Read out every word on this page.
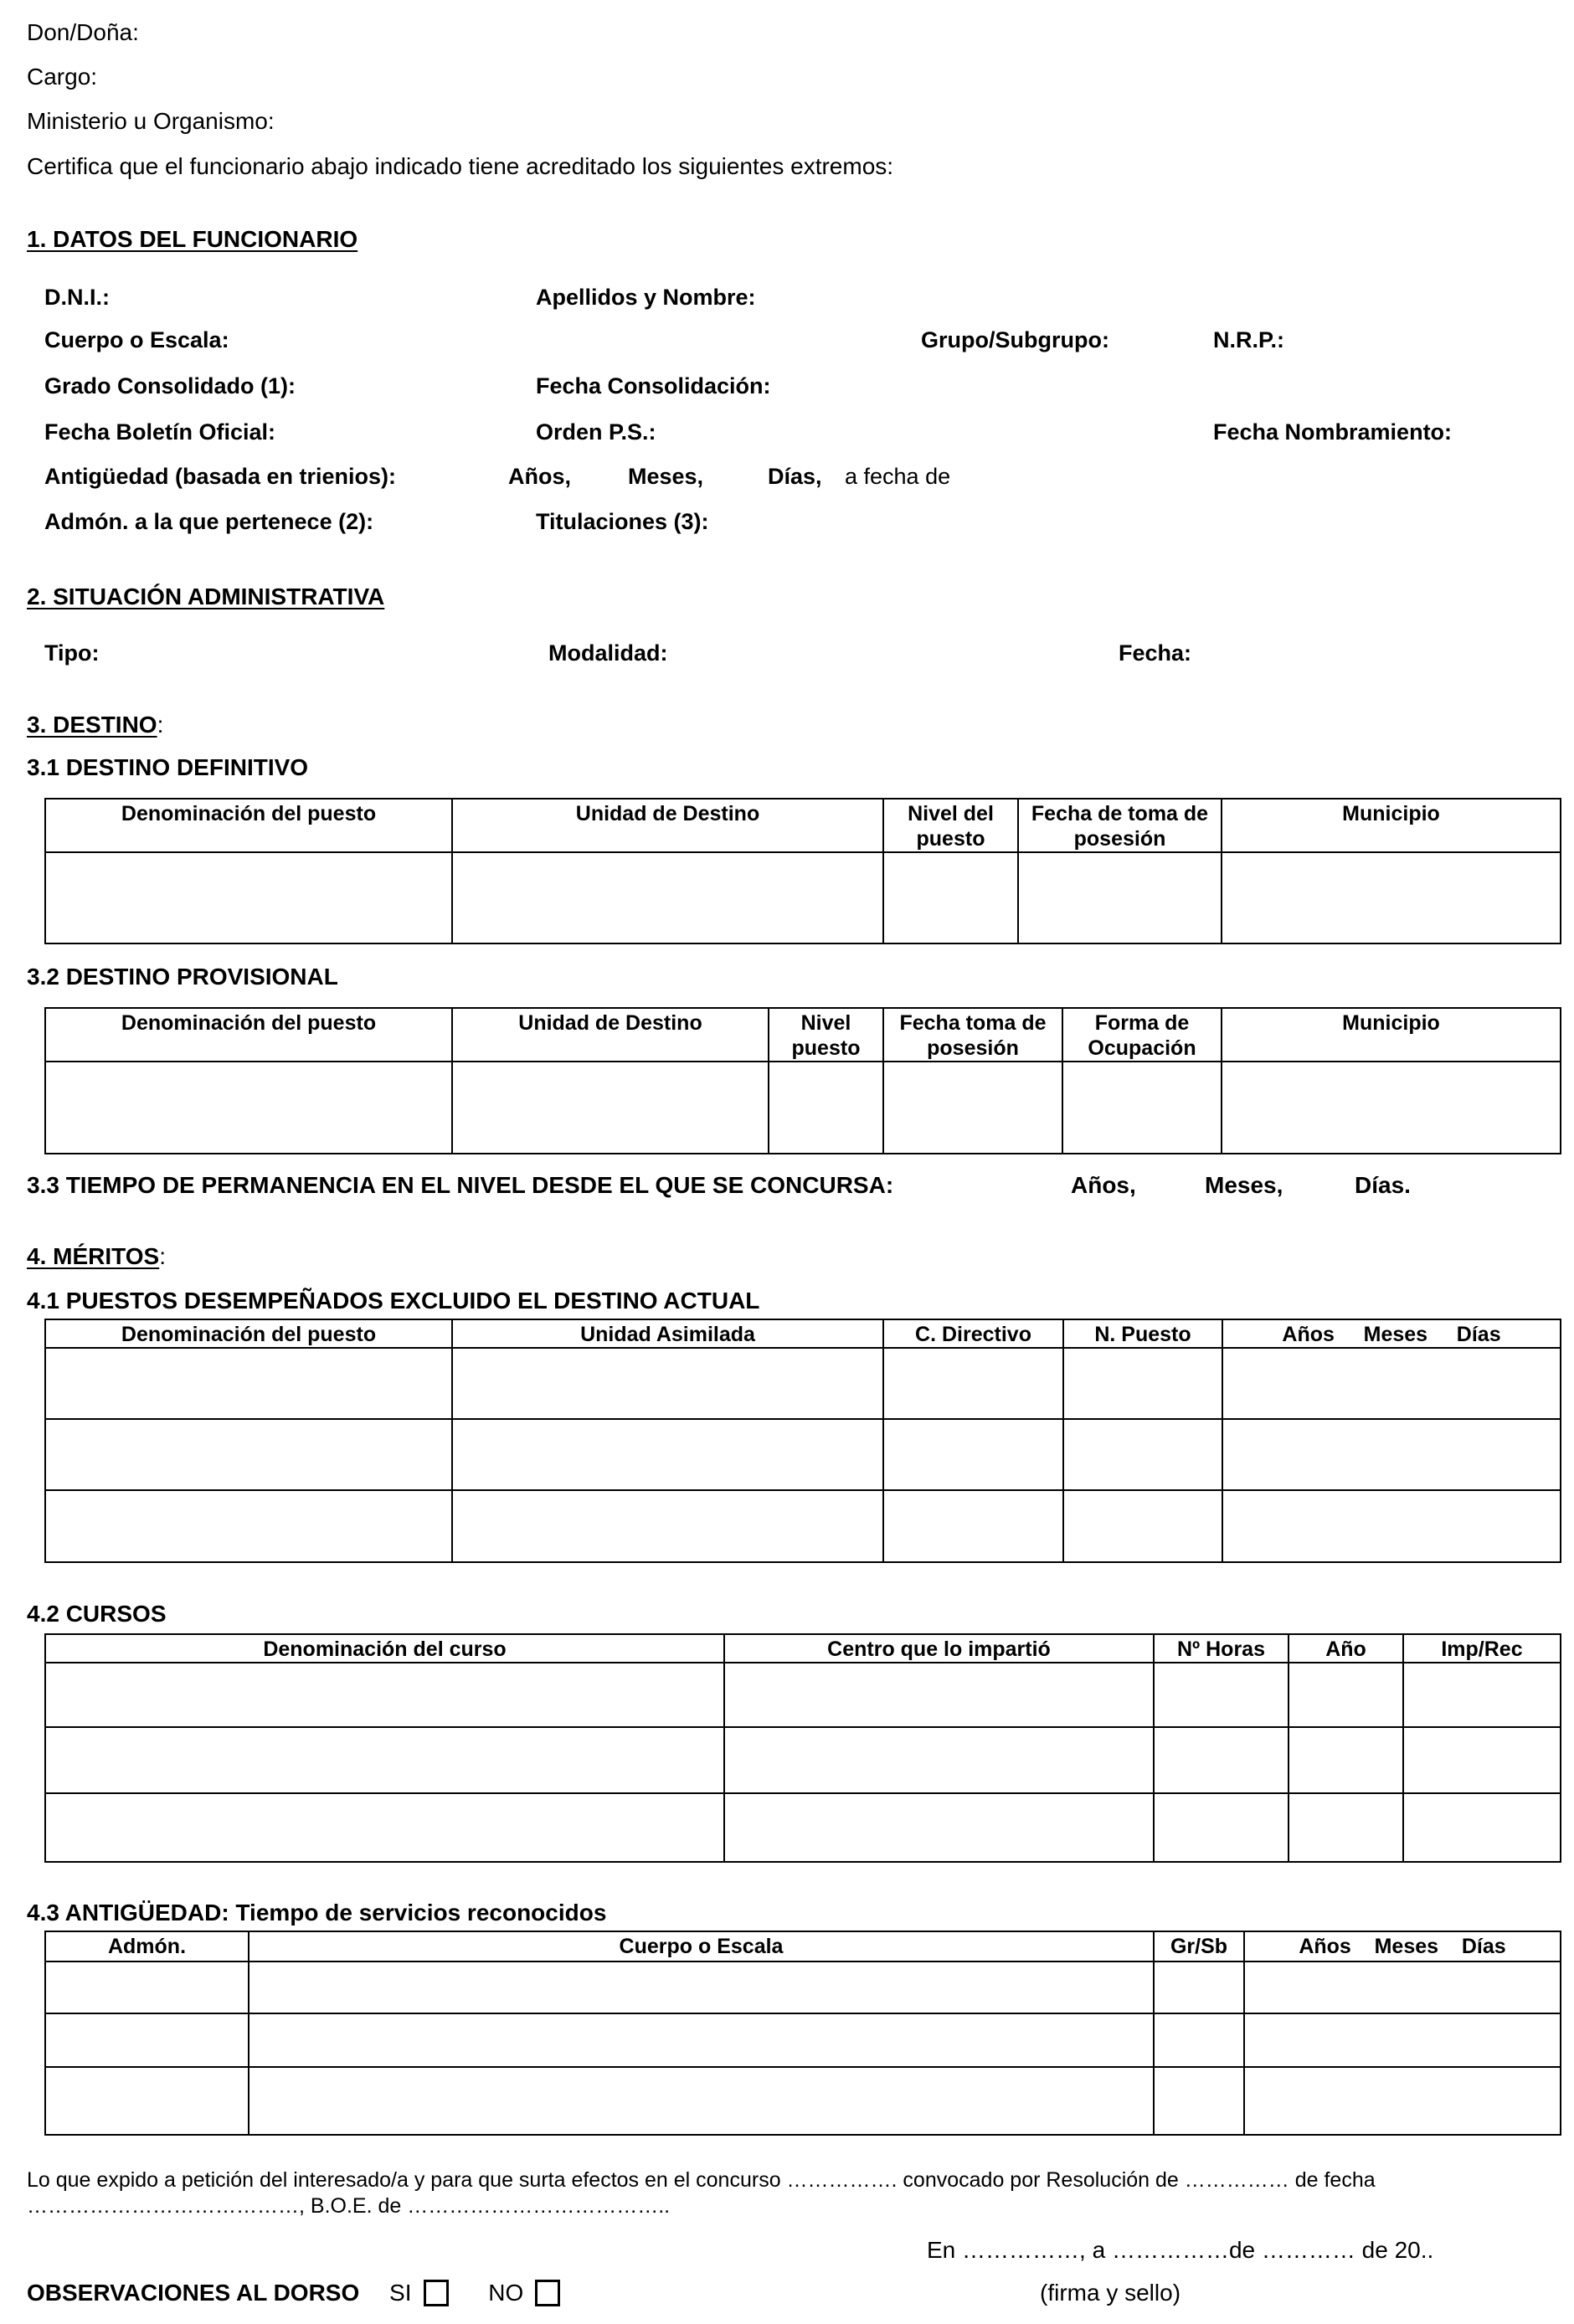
Don/Doña:
Cargo:
Ministerio u Organismo:
Certifica que el funcionario abajo indicado tiene acreditado los siguientes extremos:
1. DATOS DEL FUNCIONARIO
D.N.I.:	Apellidos y Nombre:
Cuerpo o Escala:	Grupo/Subgrupo:	N.R.P.:
Grado Consolidado (1):	Fecha Consolidación:
Fecha Boletín Oficial:	Orden P.S.:	Fecha Nombramiento:
Antigüedad (basada en trienios):	Años,	Meses,	Días, a fecha de
Admón. a la que pertenece (2):	Titulaciones (3):
2. SITUACIÓN ADMINISTRATIVA
Tipo:	Modalidad:	Fecha:
3. DESTINO:
3.1 DESTINO DEFINITIVO
Denominación del puesto	Unidad de Destino	Nivel del puesto	Fecha de toma de posesión	Municipio

3.2 DESTINO PROVISIONAL
Denominación del puesto	Unidad de Destino	Nivel puesto	Fecha toma de posesión	Forma de Ocupación	Municipio

3.3 TIEMPO DE PERMANENCIA EN EL NIVEL DESDE EL QUE SE CONCURSA:	Años,	Meses,	Días.
4. MÉRITOS:
4.1 PUESTOS DESEMPEÑADOS EXCLUIDO EL DESTINO ACTUAL
Denominación del puesto	Unidad Asimilada	C. Directivo	N. Puesto	Años     Meses     Días

4.2 CURSOS
Denominación del curso	Centro que lo impartió	Nº Horas	Año	Imp/Rec

4.3 ANTIGÜEDAD: Tiempo de servicios reconocidos
Admón.	Cuerpo o Escala	Gr/Sb	Años    Meses    Días

Lo que expido a petición del interesado/a y para que surta efectos en el concurso ……………. convocado por Resolución de …………… de fecha
…………………………………, B.O.E. de ………………………………..
En ……………, a ……………de ………… de 20..
OBSERVACIONES AL DORSO SI	NO	(firma y sello)
